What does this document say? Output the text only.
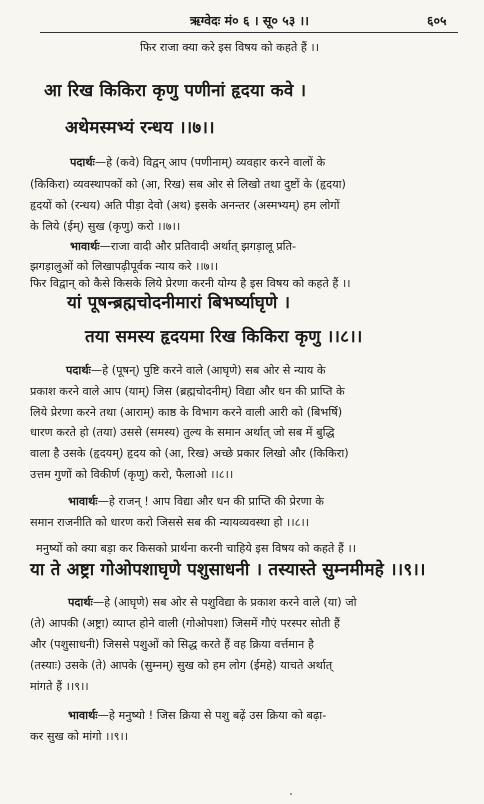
ऋग्वेदः मं० ६ । सू० ५३ ।।	६०५
फिर राजा क्या करे इस विषय को कहते हैं ।।
आ रिख किकिरा कृणु पणीनां हृदया कवे ।
अथेमस्मभ्यं रन्धय ।।७।।
पदार्थः—हे (कवे) विद्वन् आप (पणीनाम्) व्यवहार करने वालों के
(किकिरा) व्यवस्थापकों को (आ, रिख) सब ओर से लिखो तथा दुष्टों के (हृदया)
हृदयों को (रन्धय) अति पीड़ा देवो (अथ) इसके अनन्तर (अस्मभ्यम्) हम लोगों
के लिये (ईम्) सुख (कृणु) करो ।।७।।
भावार्थः—राजा वादी और प्रतिवादी अर्थात् झगड़ालू प्रति-
झगड़ालुओं को लिखापढ़ीपूर्वक न्याय करे ।।७।।
फिर विद्वान् को कैसे किसके लिये प्रेरणा करनी योग्य है इस विषय को कहते हैं ।।
यां पूषन्ब्रह्मचोदनीमारां बिभर्ष्याघृणे ।
तया समस्य हृदयमा रिख किकिरा कृणु ।।८।।
पदार्थः—हे (पूषन्) पुष्टि करने वाले (आघृणे) सब ओर से न्याय के
प्रकाश करने वाले आप (याम्) जिस (ब्रह्मचोदनीम्) विद्या और धन की प्राप्ति के
लिये प्रेरणा करने तथा (आराम्) काष्ठ के विभाग करने वाली आरी को (बिभर्षि)
धारण करते हो (तया) उससे (समस्य) तुल्य के समान अर्थात् जो सब में बुद्धि
वाला है उसके (हृदयम्) हृदय को (आ, रिख) अच्छे प्रकार लिखो और (किकिरा)
उत्तम गुणों को विकीर्ण (कृणु) करो, फैलाओ ।।८।।
भावार्थः—हे राजन् ! आप विद्या और धन की प्राप्ति की प्रेरणा के
समान राजनीति को धारण करो जिससे सब की न्यायव्यवस्था हो ।।८।।
मनुष्यों को क्या बड़ा कर किसको प्रार्थना करनी चाहिये इस विषय को कहते हैं ।।
या ते अष्ट्रा गोओपशाघृणे पशुसाधनी । तस्यास्ते सुम्नमीमहे ।।९।।
पदार्थः—हे (आघृणे) सब ओर से पशुविद्या के प्रकाश करने वाले (या) जो
(ते) आपकी (अष्ट्रा) व्याप्त होने वाली (गोओपशा) जिसमें गौएं परस्पर सोती हैं
और (पशुसाधनी) जिससे पशुओं को सिद्ध करते हैं वह क्रिया वर्त्तमान है
(तस्याः) उसके (ते) आपके (सुम्नम्) सुख को हम लोग (ईमहे) याचते अर्थात्
मांगते हैं ।।९।।
भावार्थः—हे मनुष्यो ! जिस क्रिया से पशु बढ़ें उस क्रिया को बढ़ा-
कर सुख को मांगो ।।९।।
